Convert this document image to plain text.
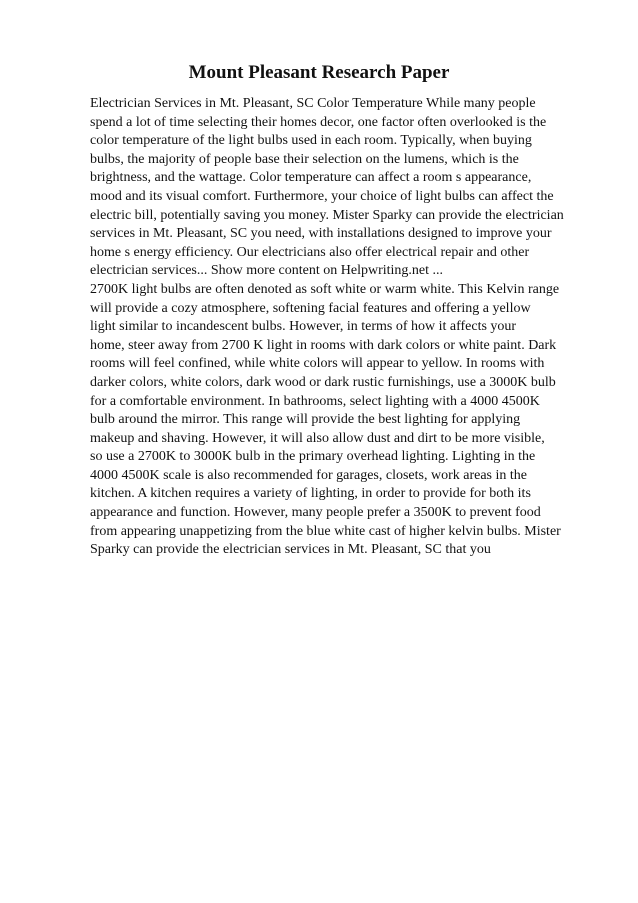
Mount Pleasant Research Paper
Electrician Services in Mt. Pleasant, SC Color Temperature While many people
spend a lot of time selecting their homes decor, one factor often overlooked is the
color temperature of the light bulbs used in each room. Typically, when buying
bulbs, the majority of people base their selection on the lumens, which is the
brightness, and the wattage. Color temperature can affect a room s appearance,
mood and its visual comfort. Furthermore, your choice of light bulbs can affect the
electric bill, potentially saving you money. Mister Sparky can provide the electrician
services in Mt. Pleasant, SC you need, with installations designed to improve your
home s energy efficiency. Our electricians also offer electrical repair and other
electrician services... Show more content on Helpwriting.net ...
2700K light bulbs are often denoted as soft white or warm white. This Kelvin range
will provide a cozy atmosphere, softening facial features and offering a yellow
light similar to incandescent bulbs. However, in terms of how it affects your
home, steer away from 2700 K light in rooms with dark colors or white paint. Dark
rooms will feel confined, while white colors will appear to yellow. In rooms with
darker colors, white colors, dark wood or dark rustic furnishings, use a 3000K bulb
for a comfortable environment. In bathrooms, select lighting with a 4000 4500K
bulb around the mirror. This range will provide the best lighting for applying
makeup and shaving. However, it will also allow dust and dirt to be more visible,
so use a 2700K to 3000K bulb in the primary overhead lighting. Lighting in the
4000 4500K scale is also recommended for garages, closets, work areas in the
kitchen. A kitchen requires a variety of lighting, in order to provide for both its
appearance and function. However, many people prefer a 3500K to prevent food
from appearing unappetizing from the blue white cast of higher kelvin bulbs. Mister
Sparky can provide the electrician services in Mt. Pleasant, SC that you
